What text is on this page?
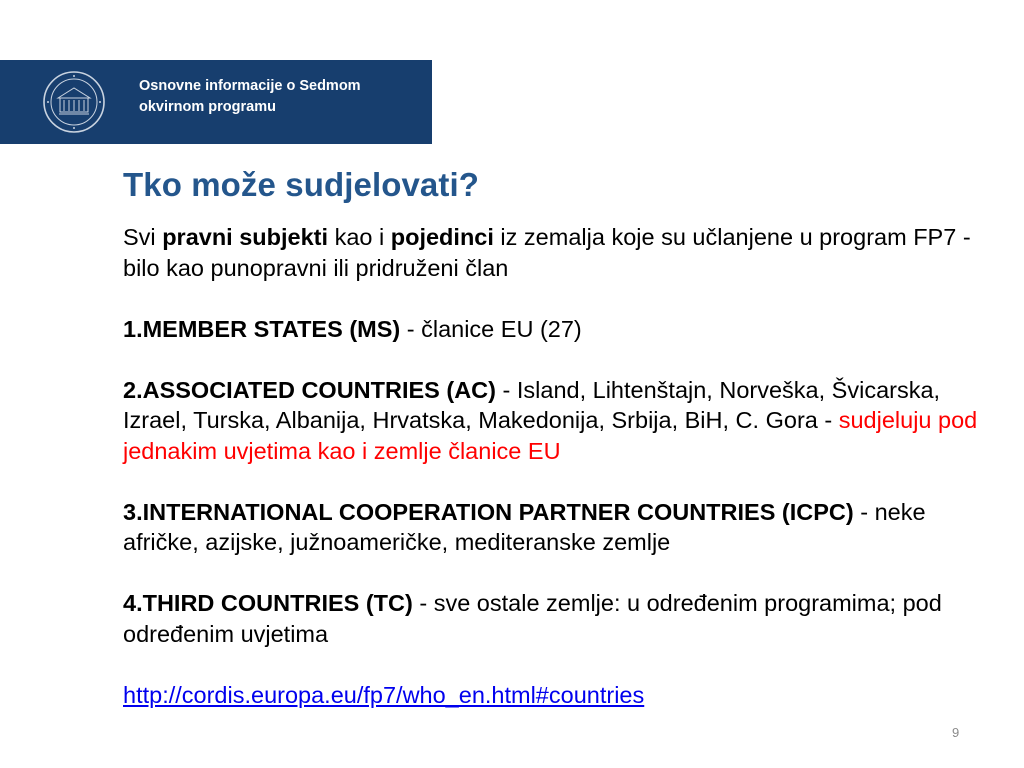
Osnovne informacije o Sedmom
okvirnom programu
Tko može sudjelovati?

Svi pravni subjekti kao i pojedinci iz zemalja koje su učlanjene u program FP7 - bilo kao punopravni ili pridruženi član

1.MEMBER STATES (MS) - članice EU (27)

2.ASSOCIATED COUNTRIES (AC) - Island, Lihtenštajn, Norveška, Švicarska, Izrael, Turska, Albanija, Hrvatska, Makedonija, Srbija, BiH, C. Gora - sudjeluju pod jednakim uvjetima kao i zemlje članice EU

3.INTERNATIONAL COOPERATION PARTNER COUNTRIES (ICPC) - neke afričke, azijske, južnoameričke, mediteranske zemlje

4.THIRD COUNTRIES (TC) - sve ostale zemlje: u određenim programima; pod određenim uvjetima

http://cordis.europa.eu/fp7/who_en.html#countries

9
